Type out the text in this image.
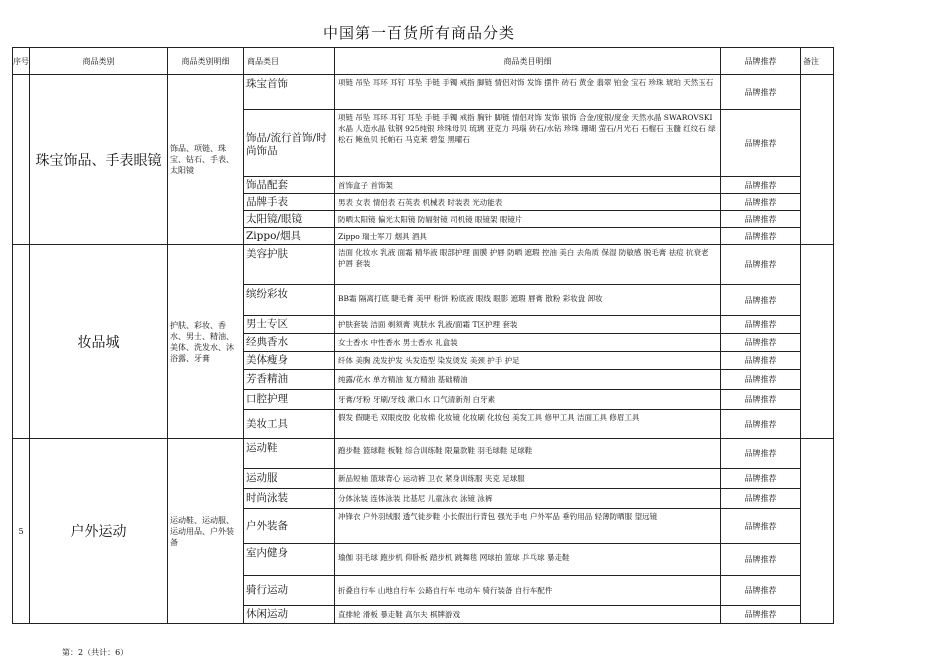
中国第一百货所有商品分类
序号	商品类别	商品类别明细	商品类目	商品类目明细	品牌推荐	备注
	珠宝饰品、手表眼镜	饰品、项链、珠宝、钻石、手表、太阳镜	珠宝首饰	项链 吊坠 耳环 耳钉 耳坠 手链 手镯 戒指 脚链 情侣对饰 发饰 摆件 砖石 黄金 翡翠 铂金 宝石 珍珠 琥珀 天然玉石	品牌推荐	
			饰品/流行首饰/时尚饰品	项链 吊坠 耳环 耳钉 耳坠 手链 手镯 戒指 胸针 脚链 情侣对饰 发饰 银饰 合金/度银/度金 天然水晶 SWAROVSKI水晶 人造水晶 钛钢 925纯银 珍珠母贝 琉璃 亚克力 玛瑙 砖石/水钻 珍珠 珊瑚 萤石/月光石 石榴石 玉髓 红纹石 绿松石 鲍鱼贝 托帕石 马克莱 碧玺 黑曜石	品牌推荐	
			饰品配套	首饰盒子 首饰架	品牌推荐	
			品牌手表	男表 女表 情侣表 石英表 机械表 时装表 光动能表	品牌推荐	
			太阳镜/眼镜	防晒太阳镜 偏光太阳镜 防辐射镜 司机镜 眼镜架 眼镜片	品牌推荐	
			Zippo/烟具	Zippo 瑞士军刀 烟具 酒具	品牌推荐	
	妆品城	护肤、彩妆、香水、男士、精油、美体、洗发水、沐浴露、牙膏	美容护肤	洁面 化妆水 乳液 面霜 精华液 眼部护理 面膜 护唇 防晒 遮瑕 控油 美白 去角质 保湿 防敏感 脱毛膏 祛痘 抗衰老 护唇 套装	品牌推荐	
			缤纷彩妆	BB霜 隔离打底 睫毛膏 美甲 粉饼 粉底液 眼线 眼影 遮瑕 唇膏 散粉 彩妆盘 卸妆	品牌推荐	
			男士专区	护肤套装 洁面 剃须膏 爽肤水 乳液/面霜 T区护理 套装	品牌推荐	
			经典香水	女士香水 中性香水 男士香水 礼盒装	品牌推荐	
			美体瘦身	纤体 美胸 洗发护发 头发造型 染发烫发 美颈 护手 护足	品牌推荐	
			芳香精油	纯露/花水 单方精油 复方精油 基础精油	品牌推荐	
			口腔护理	牙膏/牙粉 牙刷/牙线 漱口水 口气清新剂 白牙素	品牌推荐	
			美妆工具	假发 假睫毛 双眼皮胶 化妆棉 化妆镜 化妆刷 化妆包 美发工具 修甲工具 洁面工具 修眉工具	品牌推荐	
5	户外运动	运动鞋、运动服、运动用品、户外装备	运动鞋	跑步鞋 篮球鞋 板鞋 综合训练鞋 限量款鞋 羽毛球鞋 足球鞋	品牌推荐	
			运动服	新品短袖 篮球背心 运动裤 卫衣 紧身训练服 夹克 足球服	品牌推荐	
			时尚泳装	分体泳装 连体泳装 比基尼 儿童泳衣 泳镜 泳裤	品牌推荐	
			户外装备	冲锋衣 户外羽绒服 透气徒步鞋 小长假出行背包 强光手电 户外军品 垂钓用品 轻薄防晒服 望远镜	品牌推荐	
			室内健身	瑜伽 羽毛球 跑步机 仰卧板 踏步机 跳舞毯 网球拍 篮球 乒乓球 暴走鞋	品牌推荐	
			骑行运动	折叠自行车 山地自行车 公路自行车 电动车 骑行装备 自行车配件	品牌推荐	
			休闲运动	直排轮 滑板 暴走鞋 高尔夫 棋牌游戏	品牌推荐	
第：2（共计：6）
